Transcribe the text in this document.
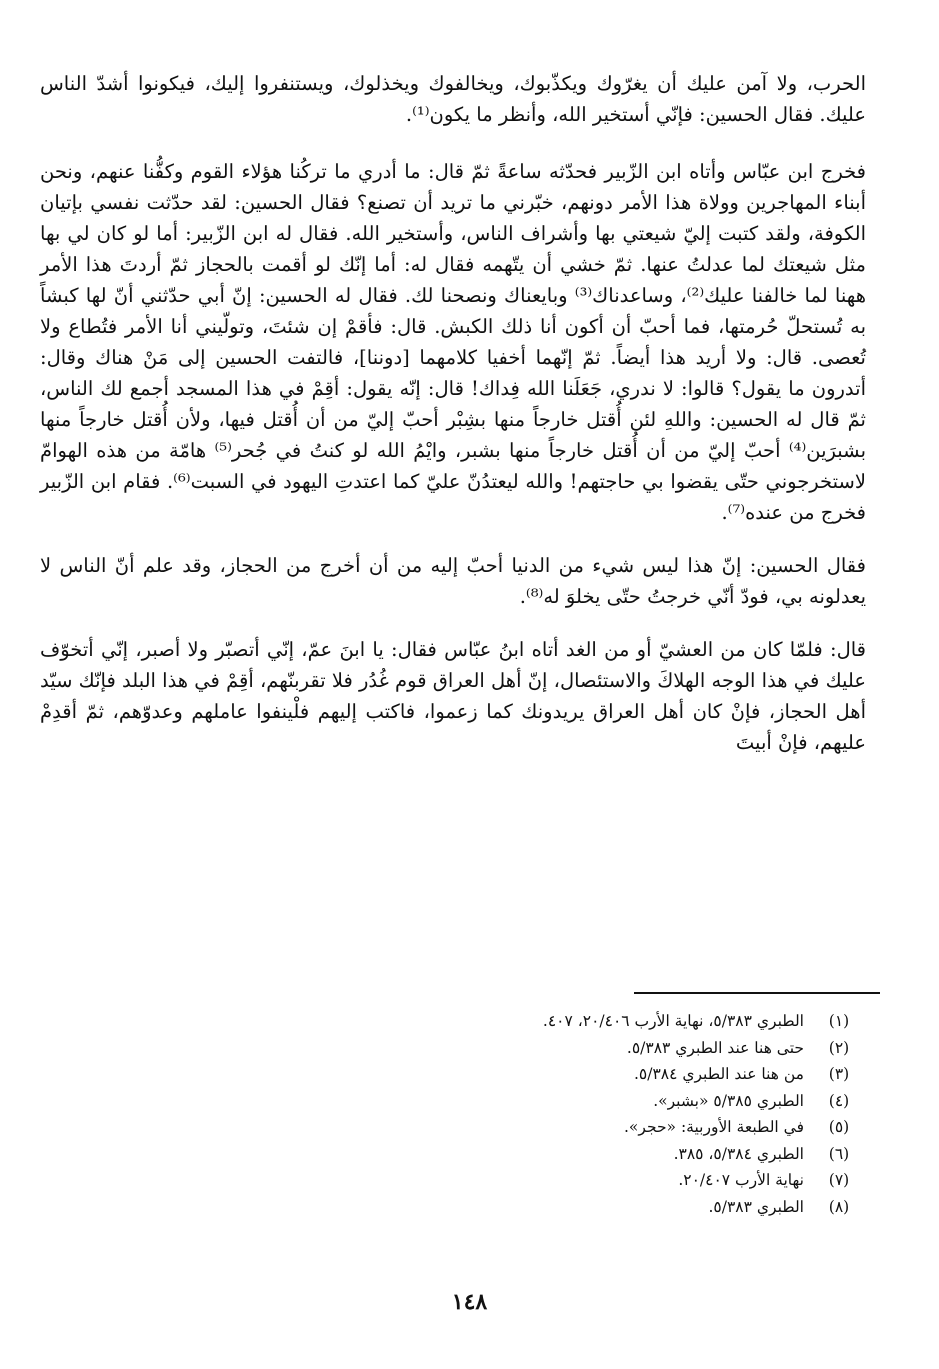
الحرب، ولا آمن عليك أن يغرّوك ويكذّبوك، ويخالفوك ويخذلوك، ويستنفروا إليك، فيكونوا أشدّ الناس عليك. فقال الحسين: فإنّي أستخير الله، وأنظر ما يكون⁽¹⁾.

فخرج ابن عبّاس وأتاه ابن الزّبير فحدّثه ساعةً ثمّ قال: ما أدري ما تركُنا هؤلاء القوم وكفُّنا عنهم، ونحن أبناء المهاجرين وولاة هذا الأمر دونهم، خبّرني ما تريد أن تصنع؟ فقال الحسين: لقد حدّثت نفسي بإتيان الكوفة، ولقد كتبت إليّ شيعتي بها وأشراف الناس، وأستخير الله. فقال له ابن الزّبير: أما لو كان لي بها مثل شيعتك لما عدلتُ عنها. ثمّ خشي أن يتّهمه فقال له: أما إنّك لو أقمت بالحجاز ثمّ أردتَ هذا الأمر ههنا لما خالفنا عليك⁽²⁾، وساعدناك⁽³⁾ وبايعناك ونصحنا لك. فقال له الحسين: إنّ أبي حدّثني أنّ لها كبشاً به تُستحلّ حُرمتها، فما أحبّ أن أكون أنا ذلك الكبش. قال: فأقمْ إن شئتَ، وتولّيني أنا الأمر فتُطاع ولا تُعصى. قال: ولا أريد هذا أيضاً. ثمّ إنّهما أخفيا كلامهما [دوننا]، فالتفت الحسين إلى مَنْ هناك وقال: أتدرون ما يقول؟ قالوا: لا ندري، جَعَلَنا الله فِداك! قال: إنّه يقول: أقِمْ في هذا المسجد أجمع لك الناس، ثمّ قال له الحسين: واللهِ لئن أُقتل خارجاً منها بشِبْر أحبّ إليّ من أن أُقتل فيها، ولأن أُقتل خارجاً منها بشبرَين⁽⁴⁾ أحبّ إليّ من أن أُقتل خارجاً منها بشبر، وايْمُ الله لو كنتُ في جُحر⁽⁵⁾ هامّة من هذه الهوامّ لاستخرجوني حتّى يقضوا بي حاجتهم! والله ليعتدُنّ عليّ كما اعتدتِ اليهود في السبت⁽⁶⁾. فقام ابن الزّبير فخرج من عنده⁽⁷⁾.

فقال الحسين: إنّ هذا ليس شيء من الدنيا أحبّ إليه من أن أخرج من الحجاز، وقد علم أنّ الناس لا يعدلونه بي، فودّ أنّي خرجتُ حتّى يخلوَ له⁽⁸⁾.

قال: فلمّا كان من العشيّ أو من الغد أتاه ابنُ عبّاس فقال: يا ابنَ عمّ، إنّي أتصبّر ولا أصبر، إنّي أتخوّف عليك في هذا الوجه الهلاكَ والاستئصال، إنّ أهل العراق قوم غُدُر فلا تقربنّهم، أقِمْ في هذا البلد فإنّك سيّد أهل الحجاز، فإنْ كان أهل العراق يريدونك كما زعموا، فاكتب إليهم فلْينفوا عاملهم وعدوّهم، ثمّ أقدِمْ عليهم، فإنْ أبيتَ

(١)
الطبري ٥/٣٨٣، نهاية الأرب ٢٠/٤٠٦، ٤٠٧.
(٢)
حتى هنا عند الطبري ٥/٣٨٣.
(٣)
من هنا عند الطبري ٥/٣٨٤.
(٤)
الطبري ٥/٣٨٥ «بشبر».
(٥)
في الطبعة الأوربية: «حجر».
(٦)
الطبري ٥/٣٨٤، ٣٨٥.
(٧)
نهاية الأرب ٢٠/٤٠٧.
(٨)
الطبري ٥/٣٨٣.
١٤٨
